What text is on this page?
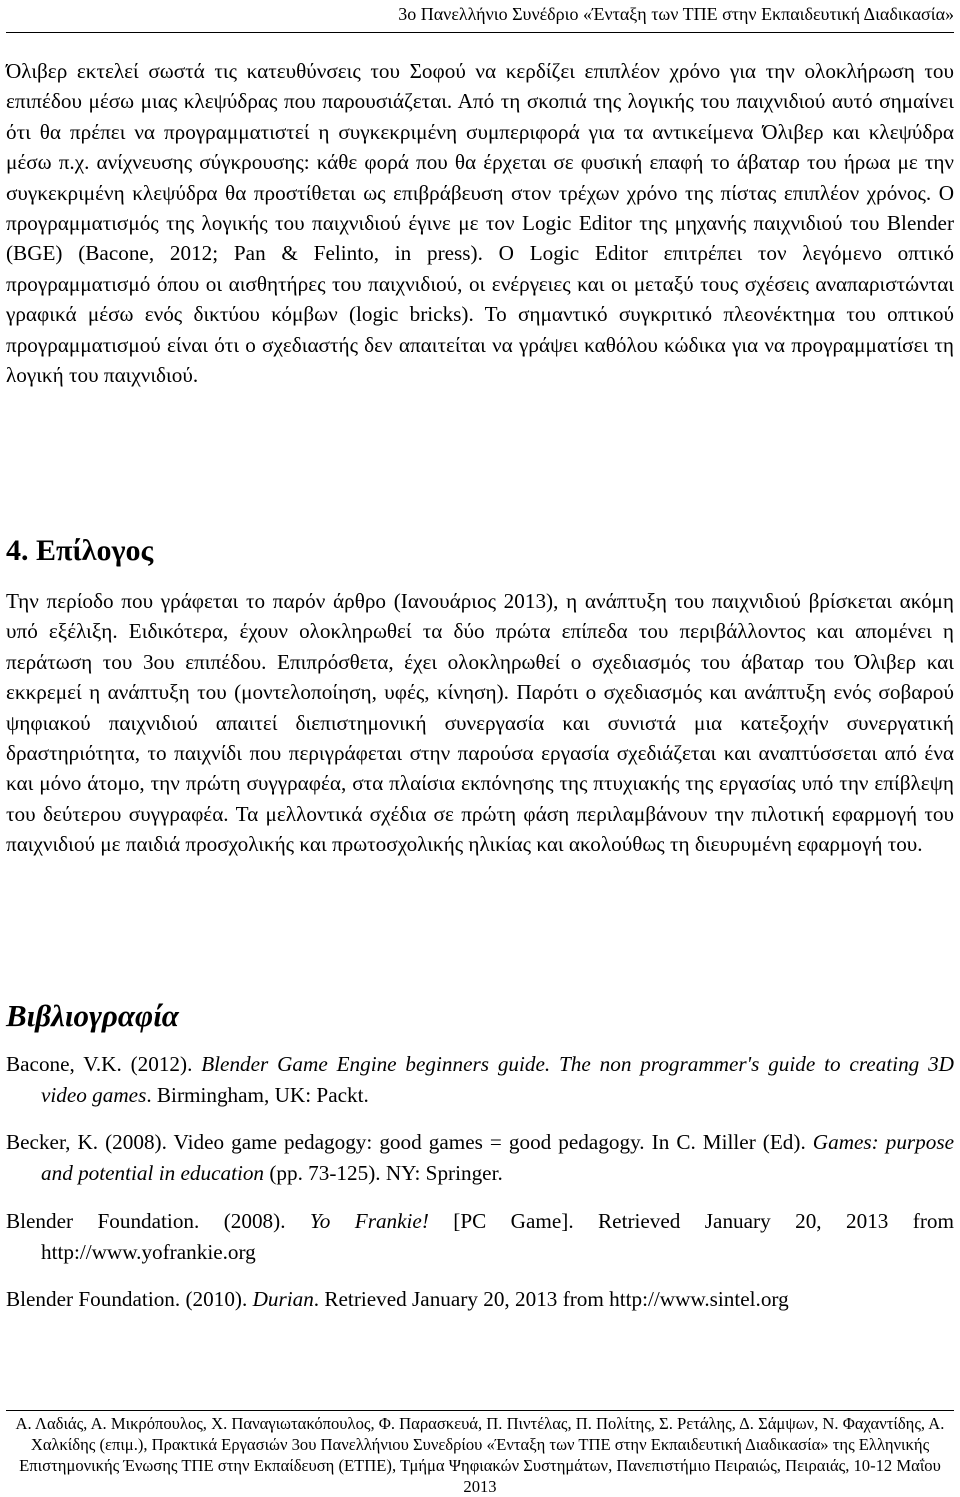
3ο Πανελλήνιο Συνέδριο «Ένταξη των ΤΠΕ στην Εκπαιδευτική Διαδικασία»

Όλιβερ εκτελεί σωστά τις κατευθύνσεις του Σοφού να κερδίζει επιπλέον χρόνο για την ολοκλήρωση του επιπέδου μέσω μιας κλεψύδρας που παρουσιάζεται. Από τη σκοπιά της λογικής του παιχνιδιού αυτό σημαίνει ότι θα πρέπει να προγραμματιστεί η συγκεκριμένη συμπεριφορά για τα αντικείμενα Όλιβερ και κλεψύδρα μέσω π.χ. ανίχνευσης σύγκρουσης: κάθε φορά που θα έρχεται σε φυσική επαφή το άβαταρ του ήρωα με την συγκεκριμένη κλεψύδρα θα προστίθεται ως επιβράβευση στον τρέχων χρόνο της πίστας επιπλέον χρόνος. Ο προγραμματισμός της λογικής του παιχνιδιού έγινε με τον Logic Editor της μηχανής παιχνιδιού του Blender (BGE) (Bacone, 2012; Pan & Felinto, in press). Ο Logic Editor επιτρέπει τον λεγόμενο οπτικό προγραμματισμό όπου οι αισθητήρες του παιχνιδιού, οι ενέργειες και οι μεταξύ τους σχέσεις αναπαριστώνται γραφικά μέσω ενός δικτύου κόμβων (logic bricks). Το σημαντικό συγκριτικό πλεονέκτημα του οπτικού προγραμματισμού είναι ότι ο σχεδιαστής δεν απαιτείται να γράψει καθόλου κώδικα για να προγραμματίσει τη λογική του παιχνιδιού.

4. Επίλογος

Την περίοδο που γράφεται το παρόν άρθρο (Ιανουάριος 2013), η ανάπτυξη του παιχνιδιού βρίσκεται ακόμη υπό εξέλιξη. Ειδικότερα, έχουν ολοκληρωθεί τα δύο πρώτα επίπεδα του περιβάλλοντος και απομένει η περάτωση του 3ου επιπέδου. Επιπρόσθετα, έχει ολοκληρωθεί ο σχεδιασμός του άβαταρ του Όλιβερ και εκκρεμεί η ανάπτυξη του (μοντελοποίηση, υφές, κίνηση). Παρότι ο σχεδιασμός και ανάπτυξη ενός σοβαρού ψηφιακού παιχνιδιού απαιτεί διεπιστημονική συνεργασία και συνιστά μια κατεξοχήν συνεργατική δραστηριότητα, το παιχνίδι που περιγράφεται στην παρούσα εργασία σχεδιάζεται και αναπτύσσεται από ένα και μόνο άτομο, την πρώτη συγγραφέα, στα πλαίσια εκπόνησης της πτυχιακής της εργασίας υπό την επίβλεψη του δεύτερου συγγραφέα. Τα μελλοντικά σχέδια σε πρώτη φάση περιλαμβάνουν την πιλοτική εφαρμογή του παιχνιδιού με παιδιά προσχολικής και πρωτοσχολικής ηλικίας και ακολούθως τη διευρυμένη εφαρμογή του.

Βιβλιογραφία

Bacone, V.K. (2012). Blender Game Engine beginners guide. The non programmer's guide to creating 3D video games. Birmingham, UK: Packt.

Becker, K. (2008). Video game pedagogy: good games = good pedagogy. In C. Miller (Ed). Games: purpose and potential in education (pp. 73-125). NY: Springer.

Blender Foundation. (2008). Yo Frankie! [PC Game]. Retrieved January 20, 2013 from http://www.yofrankie.org

Blender Foundation. (2010). Durian. Retrieved January 20, 2013 from http://www.sintel.org

Α. Λαδιάς, Α. Μικρόπουλος, Χ. Παναγιωτακόπουλος, Φ. Παρασκευά, Π. Πιντέλας, Π. Πολίτης, Σ. Ρετάλης, Δ. Σάμψων, Ν. Φαχαντίδης, Α. Χαλκίδης (επιμ.), Πρακτικά Εργασιών 3ου Πανελλήνιου Συνεδρίου «Ένταξη των ΤΠΕ στην Εκπαιδευτική Διαδικασία» της Ελληνικής Επιστημονικής Ένωσης ΤΠΕ στην Εκπαίδευση (ΕΤΠΕ), Τμήμα Ψηφιακών Συστημάτων, Πανεπιστήμιο Πειραιώς, Πειραιάς, 10-12 Μαΐου 2013
